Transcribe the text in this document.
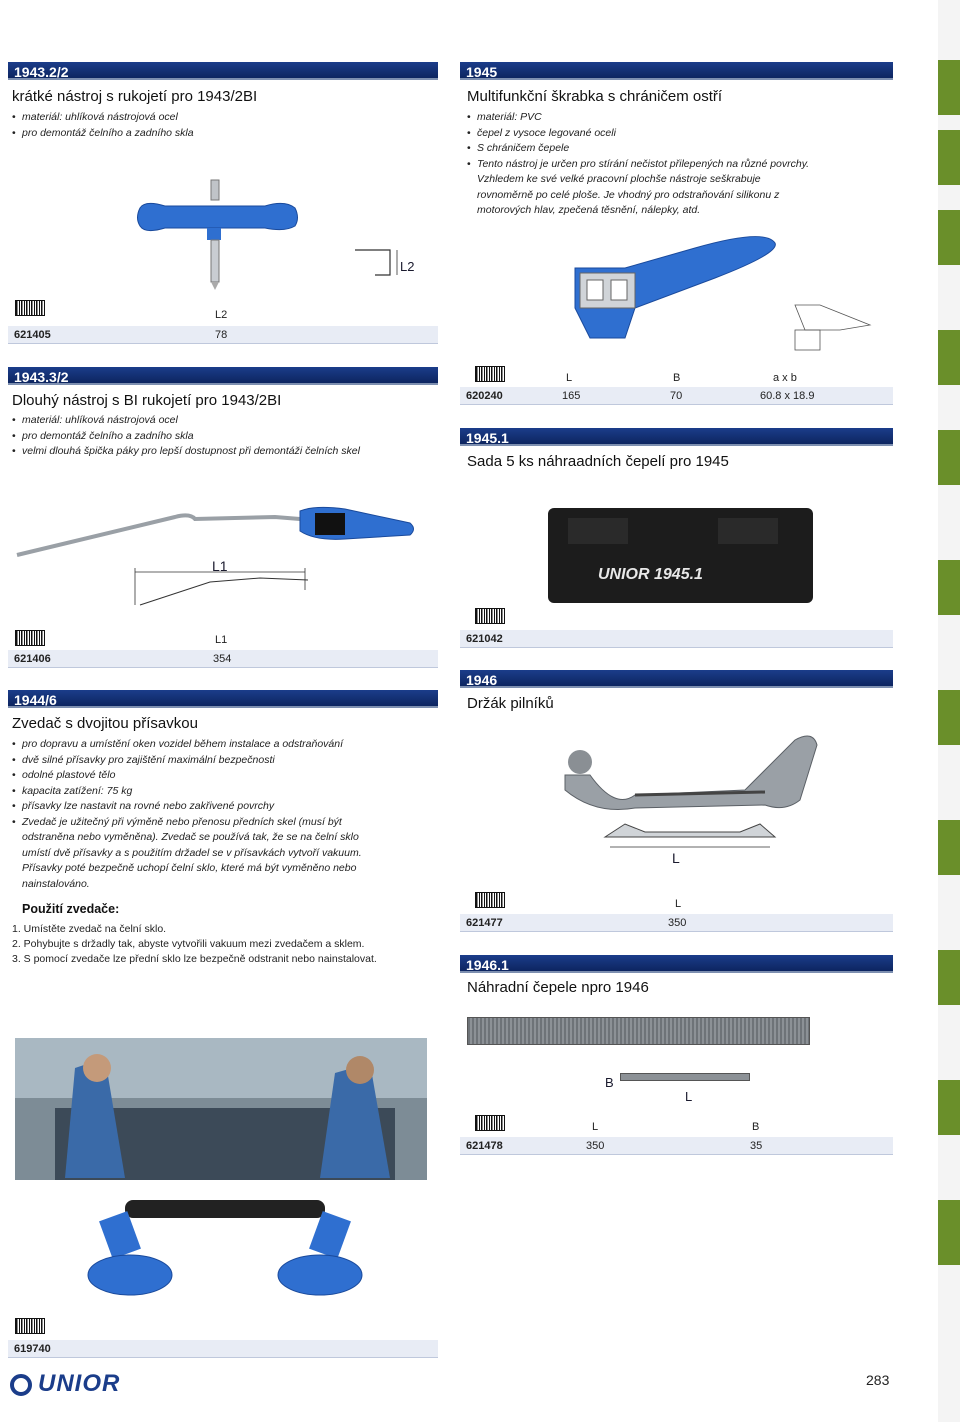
1943.2/2
krátké nástroj s rukojetí pro 1943/2BI
• materiál: uhlíková nástrojová ocel
• pro demontáž čelního a zadního skla
L2
L2
621405	78
1945
Multifunkční škrabka s chráničem ostří
• materiál: PVC
• čepel z vysoce legované oceli
• S chráničem čepele
• Tento nástroj je určen pro stírání nečistot přilepených na různé povrchy. Vzhledem ke své velké pracovní plochše nástroje seškrabuje rovnoměrně po celé ploše. Je vhodný pro odstraňování silikonu z motorových hlav, zpečená těsnění, nálepky, atd.
L	B	a x b
620240	165	70	60.8 x 18.9
1943.3/2
Dlouhý nástroj s BI rukojetí pro 1943/2BI
• materiál: uhlíková nástrojová ocel
• pro demontáž čelního a zadního skla
• velmi dlouhá špička páky pro lepší dostupnost při demontáži čelních skel
L1
L1
621406	354
1945.1
Sada 5 ks náhraadních čepelí pro 1945
UNIOR 1945.1
621042
1944/6
Zvedač s dvojitou přísavkou
• pro dopravu a umístění oken vozidel během instalace a odstraňování
• dvě silné přísavky pro zajištění maximální bezpečnosti
• odolné plastové tělo
• kapacita zatížení: 75 kg
• přísavky lze nastavit na rovné nebo zakřivené povrchy
• Zvedač je užitečný při výměně nebo přenosu předních skel (musí být odstraněna nebo vyměněna). Zvedač se používá tak, že se na čelní sklo umístí dvě přísavky a s použitím držadel se v přísavkách vytvoří vakuum. Přísavky poté bezpečně uchopí čelní sklo, které má být vyměněno nebo nainstalováno.
Použití zvedače:
1. Umístěte zvedač na čelní sklo.
2. Pohybujte s držadly tak, abyste vytvořili vakuum mezi zvedačem a sklem.
3. S pomocí zvedače lze přední sklo lze bezpečně odstranit nebo nainstalovat.
619740
1946
Držák pilníků
L
L
621477	350
1946.1
Náhradní čepele npro 1946
B
L
L	B
621478	350	35
UNIOR	283
